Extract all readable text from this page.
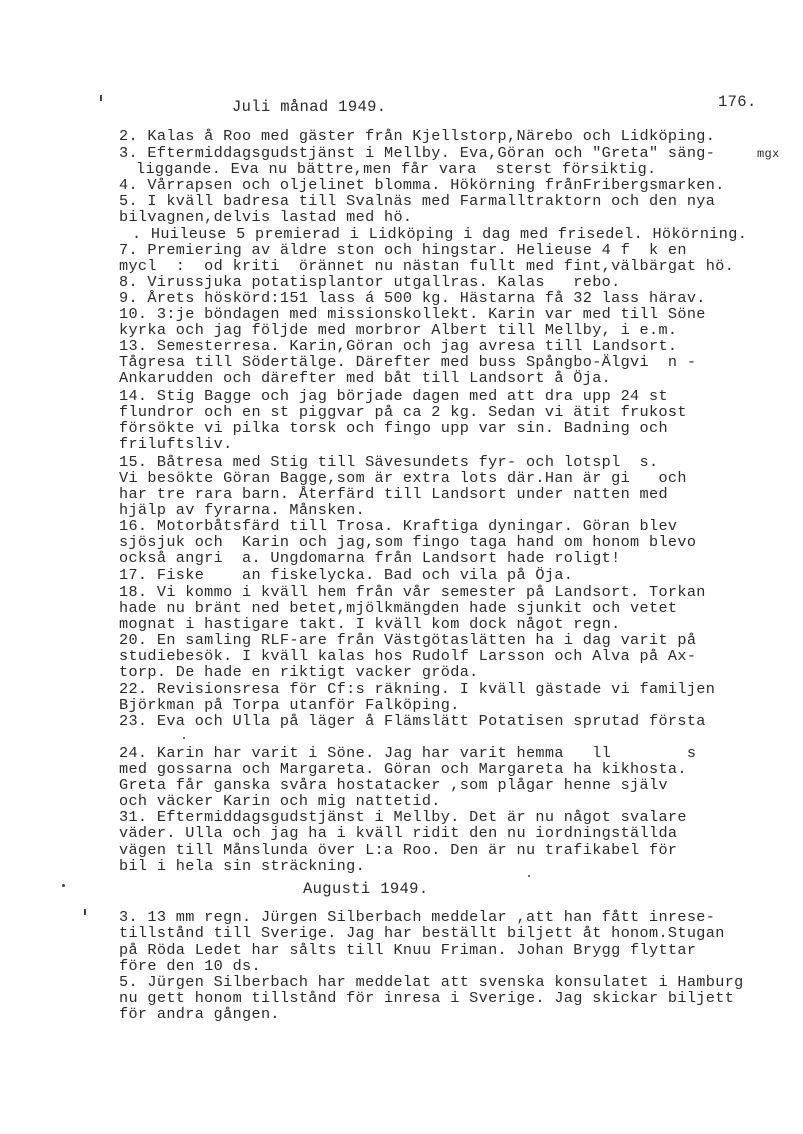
Juli månad 1949.	176.
2. Kalas å Roo med gäster från Kjellstorp,Närebo och Lidköping.
3. Eftermiddagsgudstjänst i Mellby. Eva,Göran och "Greta" säng-	mgx
liggande. Eva nu bättre,men får vara  sterst försiktig.
4. Vårrapsen och oljelinet blomma. Hökörning frånFribergsmarken.
5. I kväll badresa till Svalnäs med Farmalltraktorn och den nya
bilvagnen,delvis lastad med hö.
. Huileuse 5 premierad i Lidköping i dag med frisedel. Hökörning.
7. Premiering av äldre ston och hingstar. Helieuse 4 f  k en
mycl  :  od kriti  örännet nu nästan fullt med fint,välbärgat hö.
8. Virussjuka potatisplantor utgallras. Kalas   rebo.
9. Årets höskörd:151 lass á 500 kg. Hästarna få 32 lass härav.
10. 3:je böndagen med missionskollekt. Karin var med till Söne
kyrka och jag följde med morbror Albert till Mellby, i e.m.
13. Semesterresa. Karin,Göran och jag avresa till Landsort.
Tågresa till Södertälge. Därefter med buss Spångbo-Älgvi  n -
Ankarudden och därefter med båt till Landsort å Öja.
14. Stig Bagge och jag började dagen med att dra upp 24 st
flundror och en st piggvar på ca 2 kg. Sedan vi ätit frukost
försökte vi pilka torsk och fingo upp var sin. Badning och
friluftsliv.
15. Båtresa med Stig till Sävesundets fyr- och lotspl  s.
Vi besökte Göran Bagge,som är extra lots där.Han är gi   och
har tre rara barn. Återfärd till Landsort under natten med
hjälp av fyrarna. Månsken.
16. Motorbåtsfärd till Trosa. Kraftiga dyningar. Göran blev
sjösjuk och  Karin och jag,som fingo taga hand om honom blevo
också angri  a. Ungdomarna från Landsort hade roligt!
17. Fiske    an fiskelycka. Bad och vila på Öja.
18. Vi kommo i kväll hem från vår semester på Landsort. Torkan
hade nu bränt ned betet,mjölkmängden hade sjunkit och vetet
mognat i hastigare takt. I kväll kom dock något regn.
20. En samling RLF-are från Västgötaslätten ha i dag varit på
studiebesök. I kväll kalas hos Rudolf Larsson och Alva på Ax-
torp. De hade en riktigt vacker gröda.
22. Revisionsresa för Cf:s räkning. I kväll gästade vi familjen
Björkman på Torpa utanför Falköping.
23. Eva och Ulla på läger å Flämslätt Potatisen sprutad första
24. Karin har varit i Söne. Jag har varit hemma   ll        s
med gossarna och Margareta. Göran och Margareta ha kikhosta.
Greta får ganska svåra hostatacker ,som plågar henne själv
och väcker Karin och mig nattetid.
31. Eftermiddagsgudstjänst i Mellby. Det är nu något svalare
väder. Ulla och jag ha i kväll ridit den nu iordningställda
vägen till Månslunda över L:a Roo. Den är nu trafikabel för
bil i hela sin sträckning.
Augusti 1949.
3. 13 mm regn. Jürgen Silberbach meddelar ,att han fått inrese-
tillstånd till Sverige. Jag har beställt biljett åt honom.Stugan
på Röda Ledet har sålts till Knuu Friman. Johan Brygg flyttar
före den 10 ds.
5. Jürgen Silberbach har meddelat att svenska konsulatet i Hamburg
nu gett honom tillstånd för inresa i Sverige. Jag skickar biljett
för andra gången.
